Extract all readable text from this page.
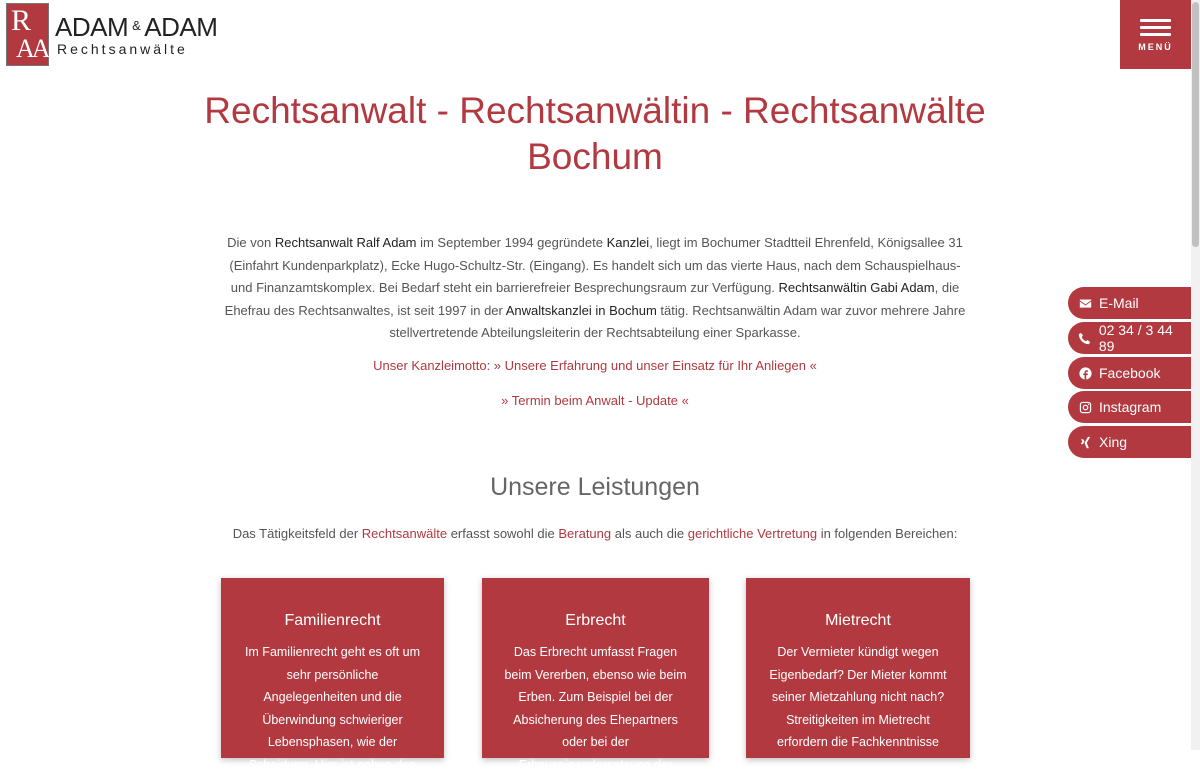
R
AA
ADAM & ADAM
Rechtsanwälte	MENÜ
Rechtsanwalt - Rechtsanwältin - Rechtsanwälte
Bochum

Die von Rechtsanwalt Ralf Adam im September 1994 gegründete Kanzlei, liegt im Bochumer Stadtteil Ehrenfeld, Königsallee 31 (Einfahrt Kundenparkplatz), Ecke Hugo-Schultz-Str. (Eingang). Es handelt sich um das vierte Haus, nach dem Schauspielhaus- und Finanzamtskomplex. Bei Bedarf steht ein barrierefreier Besprechungsraum zur Verfügung. Rechtsanwältin Gabi Adam, die Ehefrau des Rechtsanwaltes, ist seit 1997 in der Anwaltskanzlei in Bochum tätig. Rechtsanwältin Adam war zuvor mehrere Jahre stellvertretende Abteilungsleiterin der Rechtsabteilung einer Sparkasse.

Unser Kanzleimotto: » Unsere Erfahrung und unser Einsatz für Ihr Anliegen «
» Termin beim Anwalt - Update «
Unsere Leistungen

Das Tätigkeitsfeld der Rechtsanwälte erfasst sowohl die Beratung als auch die gerichtliche Vertretung in folgenden Bereichen:

Familienrecht

Im Familienrecht geht es oft um sehr persönliche Angelegenheiten und die Überwindung schwieriger Lebensphasen, wie der Scheidung. Hier ist neben den

Erbrecht

Das Erbrecht umfasst Fragen beim Vererben, ebenso wie beim Erben. Zum Beispiel bei der Absicherung des Ehepartners oder bei der Erbauseinandersetzung der

Mietrecht

Der Vermieter kündigt wegen Eigenbedarf? Der Mieter kommt seiner Mietzahlung nicht nach? Streitigkeiten im Mietrecht erfordern die Fachkenntnisse

E-Mail
02 34 / 3 44 89
Facebook
Instagram
Xing
